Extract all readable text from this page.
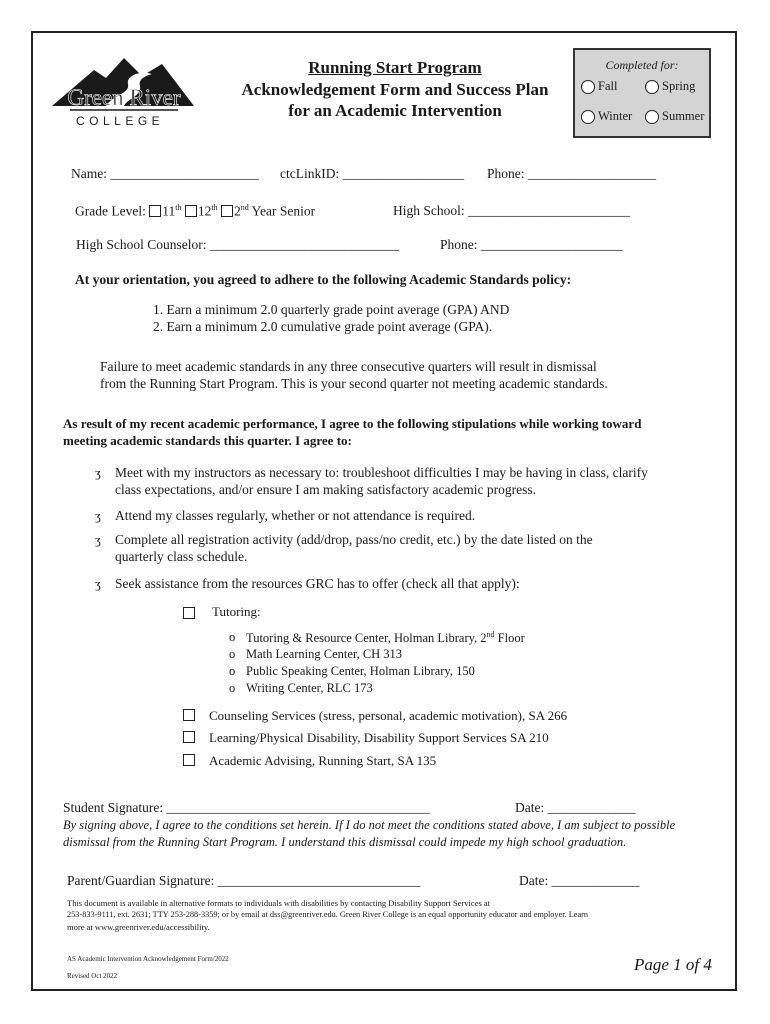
Green River
COLLEGE
Running Start Program
Acknowledgement Form and Success Plan
for an Academic Intervention
Completed for:
Fall	Spring
Winter Summer
Name: ______________________ ctcLinkID: __________________ Phone: ___________________
Grade Level: 11th 12th 2nd Year Senior	High School: ________________________
High School Counselor: ____________________________	Phone: _____________________
At your orientation, you agreed to adhere to the following Academic Standards policy:
1. Earn a minimum 2.0 quarterly grade point average (GPA) AND
2. Earn a minimum 2.0 cumulative grade point average (GPA).
Failure to meet academic standards in any three consecutive quarters will result in dismissal
from the Running Start Program. This is your second quarter not meeting academic standards.
As result of my recent academic performance, I agree to the following stipulations while working toward
meeting academic standards this quarter. I agree to:
ʒ Meet with my instructors as necessary to: troubleshoot difficulties I may be having in class, clarify
class expectations, and/or ensure I am making satisfactory academic progress.
ʒ Attend my classes regularly, whether or not attendance is required.
ʒ Complete all registration activity (add/drop, pass/no credit, etc.) by the date listed on the
quarterly class schedule.
ʒ Seek assistance from the resources GRC has to offer (check all that apply):
Tutoring:
o Tutoring & Resource Center, Holman Library, 2nd Floor
o Math Learning Center, CH 313
o Public Speaking Center, Holman Library, 150
o Writing Center, RLC 173
Counseling Services (stress, personal, academic motivation), SA 266
Learning/Physical Disability, Disability Support Services SA 210
Academic Advising, Running Start, SA 135
Student Signature: _______________________________________	Date: _____________
By signing above, I agree to the conditions set herein. If I do not meet the conditions stated above, I am subject to possible
dismissal from the Running Start Program. I understand this dismissal could impede my high school graduation.
Parent/Guardian Signature: ______________________________	Date: _____________
This document is available in alternative formats to individuals with disabilities by contacting Disability Support Services at
253-833-9111, ext. 2631; TTY 253-288-3359; or by email at dss@greenriver.edu. Green River College is an equal opportunity educator and employer. Learn
more at www.greenriver.edu/accessibility.
AS Academic Intervention Acknowledgement Form/2022
Revised Oct 2022
Page 1 of 4
